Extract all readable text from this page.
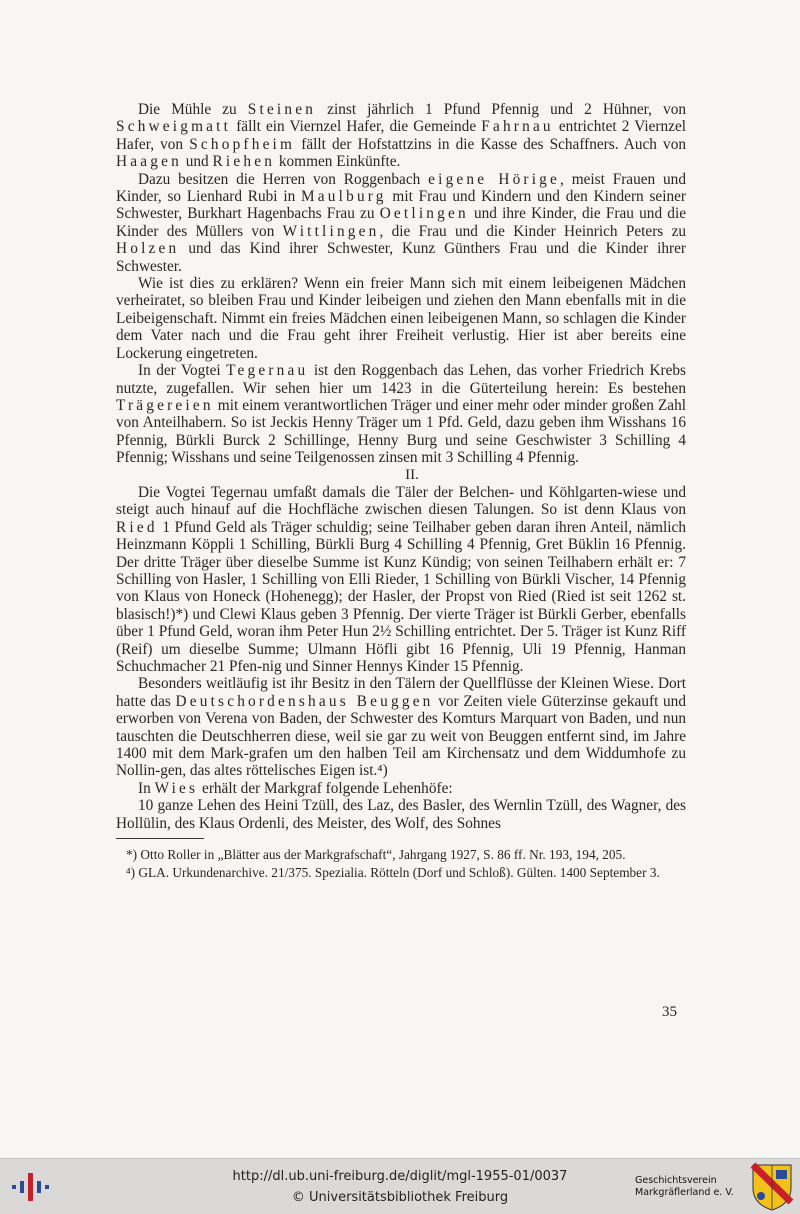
Die Mühle zu Steinen zinst jährlich 1 Pfund Pfennig und 2 Hühner, von Schweigmatt fällt ein Viernzel Hafer, die Gemeinde Fahrnau entrichtet 2 Viernzel Hafer, von Schopfheim fällt der Hofstattzins in die Kasse des Schaffners. Auch von Haagen und Riehen kommen Einkünfte.

Dazu besitzen die Herren von Roggenbach eigene Hörige, meist Frauen und Kinder, so Lienhard Rubi in Maulburg mit Frau und Kindern und den Kindern seiner Schwester, Burkhart Hagenbachs Frau zu Oetlingen und ihre Kinder, die Frau und die Kinder des Müllers von Wittlingen, die Frau und die Kinder Heinrich Peters zu Holzen und das Kind ihrer Schwester, Kunz Günthers Frau und die Kinder ihrer Schwester.

Wie ist dies zu erklären? Wenn ein freier Mann sich mit einem leibeigenen Mädchen verheiratet, so bleiben Frau und Kinder leibeigen und ziehen den Mann ebenfalls mit in die Leibeigenschaft. Nimmt ein freies Mädchen einen leibeigenen Mann, so schlagen die Kinder dem Vater nach und die Frau geht ihrer Freiheit verlustig. Hier ist aber bereits eine Lockerung eingetreten.

In der Vogtei Tegernau ist den Roggenbach das Lehen, das vorher Friedrich Krebs nutzte, zugefallen. Wir sehen hier um 1423 in die Güterteilung herein: Es bestehen Trägereien mit einem verantwortlichen Träger und einer mehr oder minder großen Zahl von Anteilhabern. So ist Jeckis Henny Träger um 1 Pfd. Geld, dazu geben ihm Wisshans 16 Pfennig, Bürkli Burck 2 Schillinge, Henny Burg und seine Geschwister 3 Schilling 4 Pfennig; Wisshans und seine Teilgenossen zinsen mit 3 Schilling 4 Pfennig.

II.

Die Vogtei Tegernau umfaßt damals die Täler der Belchen- und Köhlgarten-wiese und steigt auch hinauf auf die Hochfläche zwischen diesen Talungen. So ist denn Klaus von Ried 1 Pfund Geld als Träger schuldig; seine Teilhaber geben daran ihren Anteil, nämlich Heinzmann Köppli 1 Schilling, Bürkli Burg 4 Schilling 4 Pfennig, Gret Büklin 16 Pfennig. Der dritte Träger über dieselbe Summe ist Kunz Kündig; von seinen Teilhabern erhält er: 7 Schilling von Hasler, 1 Schilling von Elli Rieder, 1 Schilling von Bürkli Vischer, 14 Pfennig von Klaus von Honeck (Hohenegg); der Hasler, der Propst von Ried (Ried ist seit 1262 st. blasisch!)*) und Clewi Klaus geben 3 Pfennig. Der vierte Träger ist Bürkli Gerber, ebenfalls über 1 Pfund Geld, woran ihm Peter Hun 2½ Schilling entrichtet. Der 5. Träger ist Kunz Riff (Reif) um dieselbe Summe; Ulmann Höfli gibt 16 Pfennig, Uli 19 Pfennig, Hanman Schuchmacher 21 Pfen-nig und Sinner Hennys Kinder 15 Pfennig.

Besonders weitläufig ist ihr Besitz in den Tälern der Quellflüsse der Kleinen Wiese. Dort hatte das Deutschordenshaus Beuggen vor Zeiten viele Güterzinse gekauft und erworben von Verena von Baden, der Schwester des Komturs Marquart von Baden, und nun tauschten die Deutschherren diese, weil sie gar zu weit von Beuggen entfernt sind, im Jahre 1400 mit dem Mark-grafen um den halben Teil am Kirchensatz und dem Widdumhofe zu Nollin-gen, das altes röttelisches Eigen ist.⁴)

In Wies erhält der Markgraf folgende Lehenhöfe:

10 ganze Lehen des Heini Tzüll, des Laz, des Basler, des Wernlin Tzüll, des Wagner, des Hollülin, des Klaus Ordenli, des Meister, des Wolf, des Sohnes

*) Otto Roller in „Blätter aus der Markgrafschaft“, Jahrgang 1927, S. 86 ff. Nr. 193, 194, 205.

⁴) GLA. Urkundenarchive. 21/375. Spezialia. Rötteln (Dorf und Schloß). Gülten. 1400 September 3.

35
http://dl.ub.uni-freiburg.de/diglit/mgl-1955-01/0037
© Universitätsbibliothek Freiburg
Geschichtsverein
Markgräflerland e. V.
